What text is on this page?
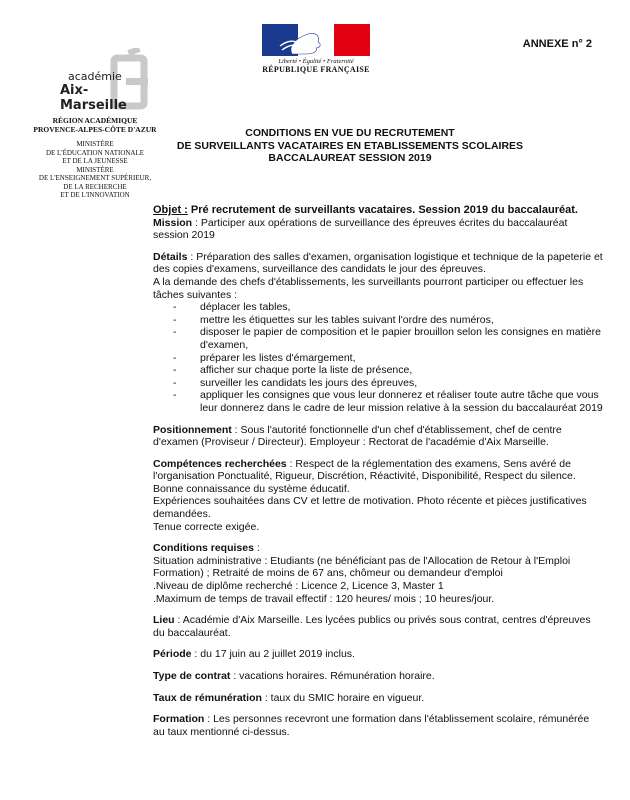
Liberté • Égalité • Fraternité
RÉPUBLIQUE FRANÇAISE
ANNEXE n° 2
académie
Aix-Marseille
RÉGION ACADÉMIQUE
PROVENCE-ALPES-CÔTE D'AZUR
MINISTÈRE
DE L'ÉDUCATION NATIONALE
ET DE LA JEUNESSE
MINISTÈRE
DE L'ENSEIGNEMENT SUPÉRIEUR,
DE LA RECHERCHE
ET DE L'INNOVATION
CONDITIONS EN VUE DU RECRUTEMENT
DE SURVEILLANTS VACATAIRES EN ETABLISSEMENTS SCOLAIRES
BACCALAUREAT SESSION 2019

Objet : Pré recrutement de surveillants vacataires. Session 2019 du baccalauréat.

Mission : Participer aux opérations de surveillance des épreuves écrites du baccalauréat session 2019

Détails : Préparation des salles d'examen, organisation logistique et technique de la papeterie et des copies d'examens, surveillance des candidats le jour des épreuves.

A la demande des chefs d'établissements, les surveillants pourront participer ou effectuer les tâches suivantes :

- déplacer les tables,
- mettre les étiquettes sur les tables suivant l'ordre des numéros,
- disposer le papier de composition et le papier brouillon selon les consignes en matière d'examen,
- préparer les listes d'émargement,
- afficher sur chaque porte la liste de présence,
- surveiller les candidats les jours des épreuves,
- appliquer les consignes que vous leur donnerez et réaliser toute autre tâche que vous leur donnerez dans le cadre de leur mission relative à la session du baccalauréat 2019

Positionnement : Sous l'autorité fonctionnelle d'un chef d'établissement, chef de centre d'examen (Proviseur / Directeur). Employeur : Rectorat de l'académie d'Aix Marseille.

Compétences recherchées : Respect de la réglementation des examens, Sens avéré de l'organisation Ponctualité, Rigueur, Discrétion, Réactivité, Disponibilité, Respect du silence. Bonne connaissance du système éducatif.

Expériences souhaitées dans CV et lettre de motivation. Photo récente et pièces justificatives demandées.

Tenue correcte exigée.

Conditions requises :

Situation administrative : Etudiants (ne bénéficiant pas de l'Allocation de Retour à l'Emploi Formation) ; Retraité de moins de 67 ans, chômeur ou demandeur d'emploi

.Niveau de diplôme recherché : Licence 2, Licence 3, Master 1

.Maximum de temps de travail effectif : 120 heures/ mois ; 10 heures/jour.

Lieu : Académie d'Aix Marseille. Les lycées publics ou privés sous contrat, centres d'épreuves du baccalauréat.

Période : du 17 juin au 2 juillet 2019 inclus.

Type de contrat : vacations horaires. Rémunération horaire.

Taux de rémunération : taux du SMIC horaire en vigueur.

Formation : Les personnes recevront une formation dans l'établissement scolaire, rémunérée au taux mentionné ci-dessus.
